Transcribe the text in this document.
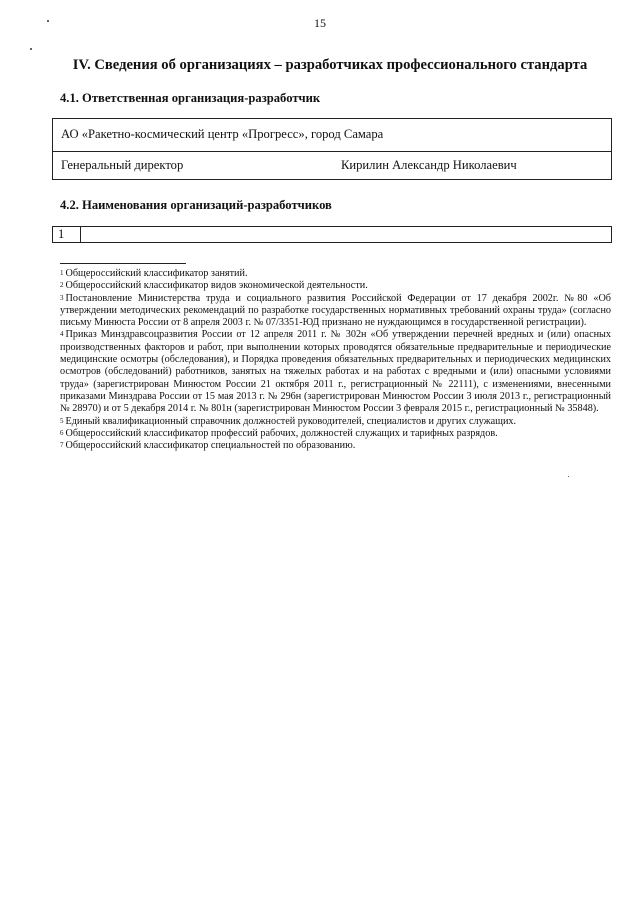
15
IV. Сведения об организациях – разработчиках профессионального стандарта
4.1. Ответственная организация-разработчик
АО «Ракетно-космический центр «Прогресс», город Самара
Генеральный директор	Кирилин Александр Николаевич
4.2. Наименования организаций-разработчиков
1

$^1$ Общероссийский классификатор занятий.

$^2$ Общероссийский классификатор видов экономической деятельности.

$^3$ Постановление Министерства труда и социального развития Российской Федерации от 17 декабря 2002г. №80 «Об утверждении методических рекомендаций по разработке государственных нормативных требований охраны труда» (согласно письму Минюста России от 8 апреля 2003 г. № 07/3351-ЮД признано не нуждающимся в государственной регистрации).

$^4$ Приказ Минздравсоцразвития России от 12 апреля 2011 г. № 302н «Об утверждении перечней вредных и (или) опасных производственных факторов и работ, при выполнении которых проводятся обязательные предварительные и периодические медицинские осмотры (обследования), и Порядка проведения обязательных предварительных и периодических медицинских осмотров (обследований) работников, занятых на тяжелых работах и на работах с вредными и (или) опасными условиями труда» (зарегистрирован Минюстом России 21 октября 2011 г., регистрационный № 22111), с изменениями, внесенными приказами Минздрава России от 15 мая 2013 г. № 296н (зарегистрирован Минюстом России 3 июля 2013 г., регистрационный № 28970) и от 5 декабря 2014 г. № 801н (зарегистрирован Минюстом России 3 февраля 2015 г., регистрационный № 35848).

$^5$ Единый квалификационный справочник должностей руководителей, специалистов и других служащих.

$^6$ Общероссийский классификатор профессий рабочих, должностей служащих и тарифных разрядов.

$^7$ Общероссийский классификатор специальностей по образованию.
